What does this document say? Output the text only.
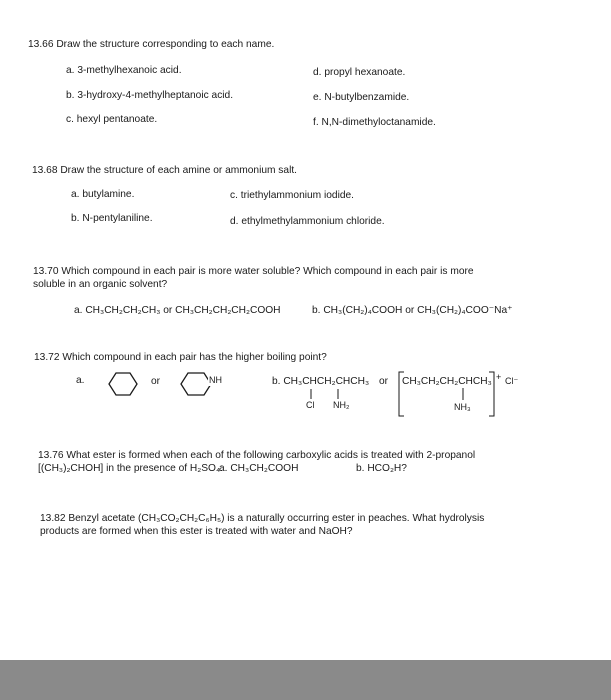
13.66 Draw the structure corresponding to each name.
a. 3-methylhexanoic acid.
b. 3-hydroxy-4-methylheptanoic acid.
c. hexyl pentanoate.
d. propyl hexanoate.
e. N-butylbenzamide.
f. N,N-dimethyloctanamide.
13.68 Draw the structure of each amine or ammonium salt.
a. butylamine.
b. N-pentylaniline.
c. triethylammonium iodide.
d. ethylmethylammonium chloride.
13.70 Which compound in each pair is more water soluble? Which compound in each pair is more
soluble in an organic solvent?
a. CH₃CH₂CH₂CH₃ or CH₃CH₂CH₂CH₂COOH	b. CH₃(CH₂)₄COOH or CH₃(CH₂)₄COO⁻Na⁺
13.72 Which compound in each pair has the higher boiling point?
a.	or	NH	b. CH₃CHCH₂CHCH₃
Cl NH₂
or CH₃CH₂CH₂CHCH₃ + Cl⁻
NH₃
13.76 What ester is formed when each of the following carboxylic acids is treated with 2-propanol
[(CH₃)₂CHOH] in the presence of H₂SO₄:
a. CH₃CH₂COOH	b. HCO₂H?
13.82 Benzyl acetate (CH₃CO₂CH₂C₆H₅) is a naturally occurring ester in peaches. What hydrolysis
products are formed when this ester is treated with water and NaOH?
